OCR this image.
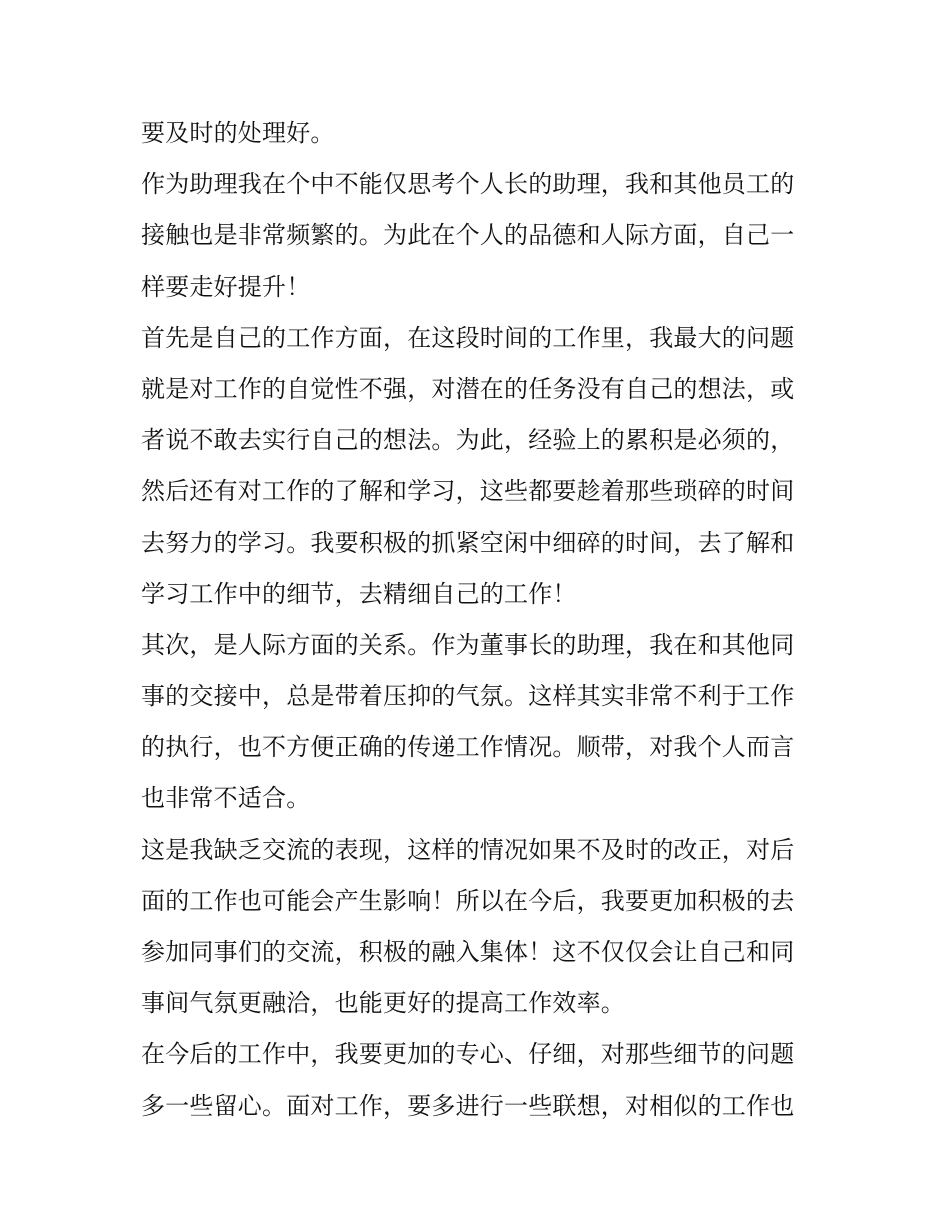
要及时的处理好。
作为助理我在个中不能仅思考个人长的助理，我和其他员工的
接触也是非常频繁的。为此在个人的品德和人际方面，自己一
样要走好提升！
首先是自己的工作方面，在这段时间的工作里，我最大的问题
就是对工作的自觉性不强，对潜在的任务没有自己的想法，或
者说不敢去实行自己的想法。为此，经验上的累积是必须的，
然后还有对工作的了解和学习，这些都要趁着那些琐碎的时间
去努力的学习。我要积极的抓紧空闲中细碎的时间，去了解和
学习工作中的细节，去精细自己的工作！
其次，是人际方面的关系。作为董事长的助理，我在和其他同
事的交接中，总是带着压抑的气氛。这样其实非常不利于工作
的执行，也不方便正确的传递工作情况。顺带，对我个人而言
也非常不适合。
这是我缺乏交流的表现，这样的情况如果不及时的改正，对后
面的工作也可能会产生影响！所以在今后，我要更加积极的去
参加同事们的交流，积极的融入集体！这不仅仅会让自己和同
事间气氛更融洽，也能更好的提高工作效率。
在今后的工作中，我要更加的专心、仔细，对那些细节的问题
多一些留心。面对工作，要多进行一些联想，对相似的工作也
